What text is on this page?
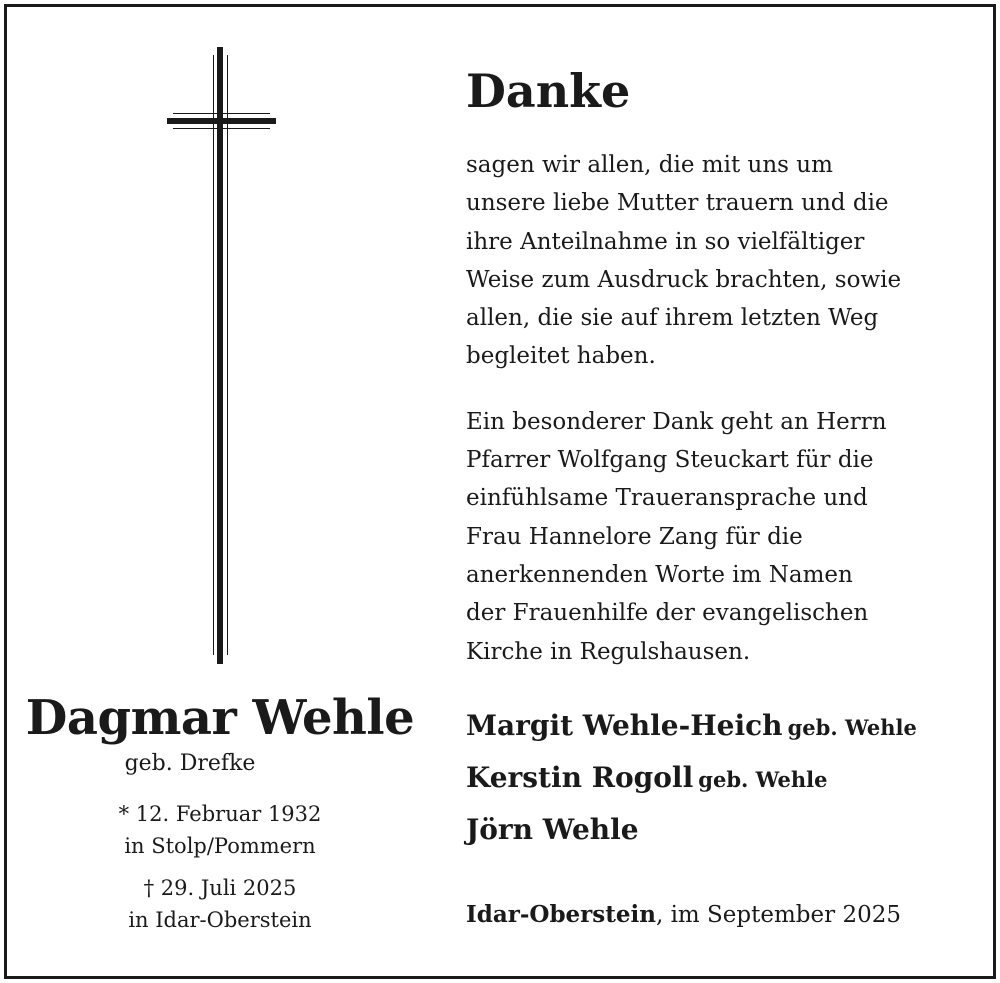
Dagmar Wehle
geb. Drefke
* 12. Februar 1932
in Stolp/Pommern
† 29. Juli 2025
in Idar-Oberstein
Danke

sagen wir allen, die mit uns um
unsere liebe Mutter trauern und die
ihre Anteilnahme in so vielfältiger
Weise zum Ausdruck brachten, sowie
allen, die sie auf ihrem letzten Weg
begleitet haben.

Ein besonderer Dank geht an Herrn
Pfarrer Wolfgang Steuckart für die
einfühlsame Traueransprache und
Frau Hannelore Zang für die
anerkennenden Worte im Namen
der Frauenhilfe der evangelischen
Kirche in Regulshausen.

Margit Wehle-Heich geb. Wehle
Kerstin Rogoll geb. Wehle
Jörn Wehle
Idar-Oberstein, im September 2025
